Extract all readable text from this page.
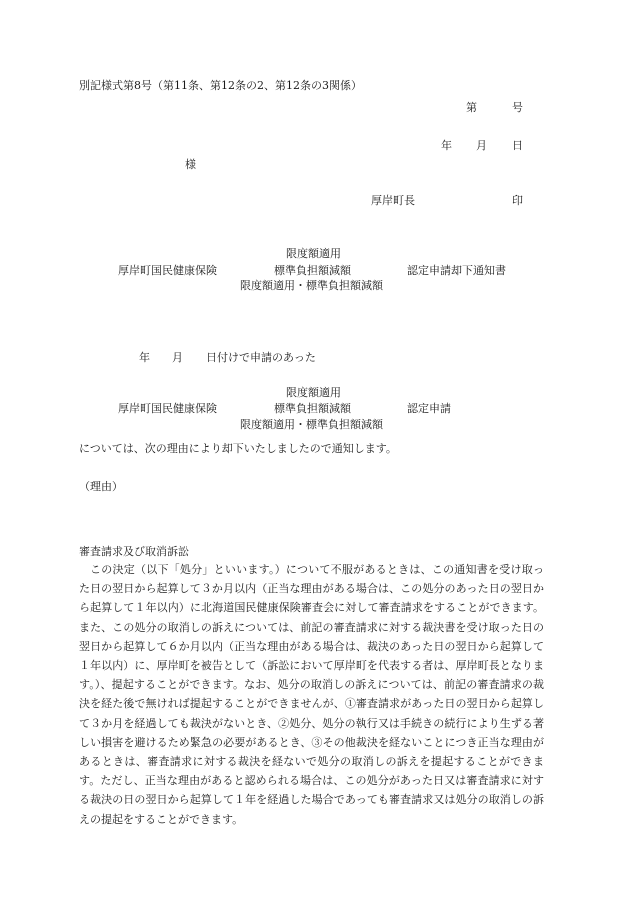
別記様式第8号（第11条、第12条の2、第12条の3関係）
第	号
年 月 日
様
厚岸町長	印
限度額適用
厚岸町国民健康保険	標準負担額減額	認定申請却下通知書
限度額適用・標準負担額減額
年 月 日付けで申請のあった
限度額適用
厚岸町国民健康保険	標準負担額減額	認定申請
限度額適用・標準負担額減額
については、次の理由により却下いたしましたので通知します。
（理由）
審査請求及び取消訴訟
この決定（以下「処分」といいます。）について不服があるときは、この通知書を受け取った日の翌日から起算して３か月以内（正当な理由がある場合は、この処分のあった日の翌日から起算して１年以内）に北海道国民健康保険審査会に対して審査請求をすることができます。また、この処分の取消しの訴えについては、前記の審査請求に対する裁決書を受け取った日の翌日から起算して６か月以内（正当な理由がある場合は、裁決のあった日の翌日から起算して１年以内）に、厚岸町を被告として（訴訟において厚岸町を代表する者は、厚岸町長となります。）、提起することができます。なお、処分の取消しの訴えについては、前記の審査請求の裁決を経た後で無ければ提起することができませんが、①審査請求があった日の翌日から起算して３か月を経過しても裁決がないとき、②処分、処分の執行又は手続きの続行により生ずる著しい損害を避けるため緊急の必要があるとき、③その他裁決を経ないことにつき正当な理由があるときは、審査請求に対する裁決を経ないで処分の取消しの訴えを提起することができます。ただし、正当な理由があると認められる場合は、この処分があった日又は審査請求に対する裁決の日の翌日から起算して１年を経過した場合であっても審査請求又は処分の取消しの訴えの提起をすることができます。
